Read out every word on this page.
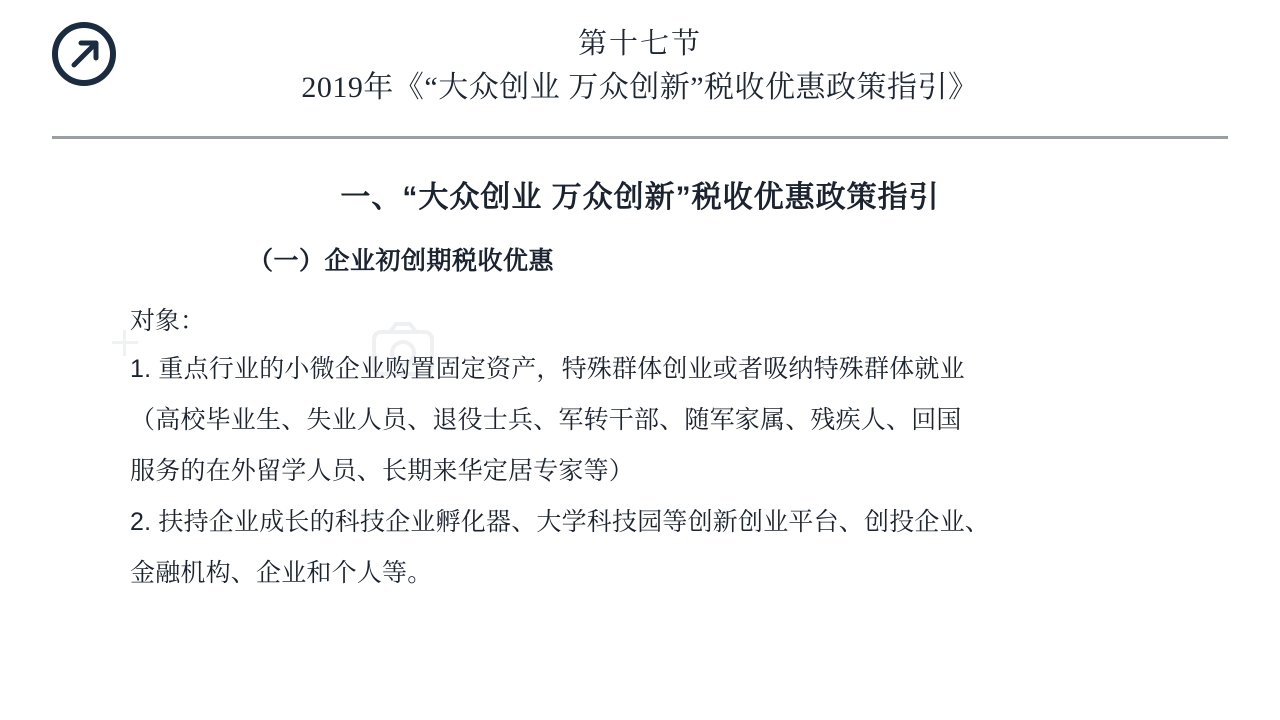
第十七节
2019年《“大众创业 万众创新”税收优惠政策指引》
一、“大众创业 万众创新”税收优惠政策指引
（一）企业初创期税收优惠
对象：
1. 重点行业的小微企业购置固定资产，特殊群体创业或者吸纳特殊群体就业
（高校毕业生、失业人员、退役士兵、军转干部、随军家属、残疾人、回国
服务的在外留学人员、长期来华定居专家等）
2. 扶持企业成长的科技企业孵化器、大学科技园等创新创业平台、创投企业、
金融机构、企业和个人等。
